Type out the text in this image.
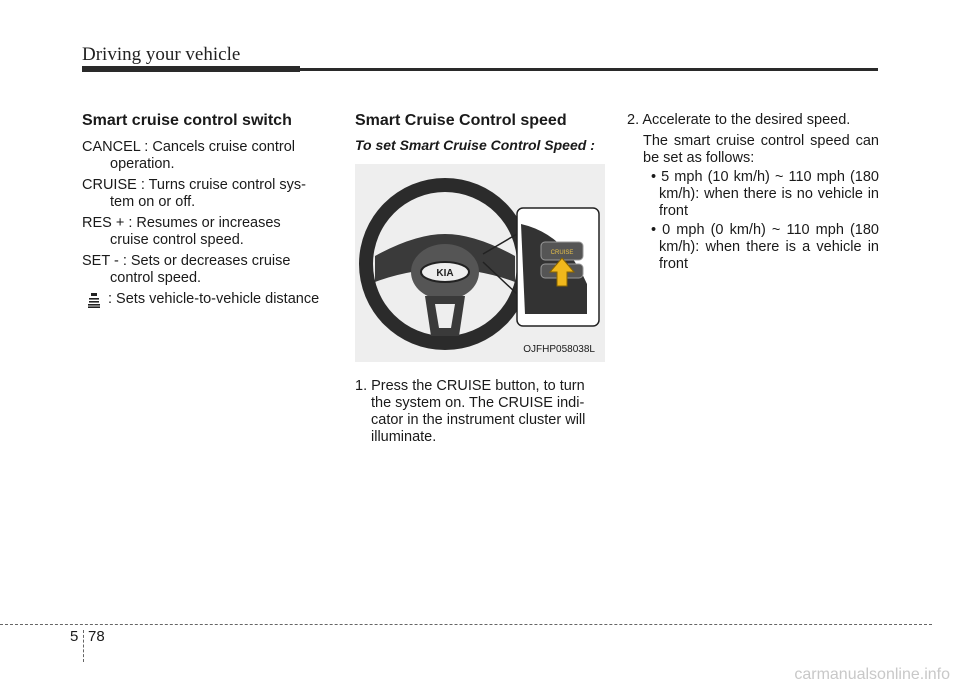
Driving your vehicle
Smart cruise control switch
CANCEL : Cancels cruise control
operation.
CRUISE : Turns cruise control sys-
tem on or off.
RES + : Resumes or increases
cruise control speed.
SET - : Sets or decreases cruise
control speed.
: Sets vehicle-to-vehicle distance
Smart Cruise Control speed
To set Smart Cruise Control Speed :
KIA
CRUISE
OJFHP058038L
1. Press the CRUISE button, to turn
the system on. The CRUISE indi-
cator in the instrument cluster will
illuminate.
2. Accelerate to the desired speed.
The smart cruise control speed can be set as follows:
• 5 mph (10 km/h) ~ 110 mph (180 km/h): when there is no vehicle in front
• 0 mph (0 km/h) ~ 110 mph (180 km/h): when there is a vehicle in front
5 78
carmanualsonline.info
